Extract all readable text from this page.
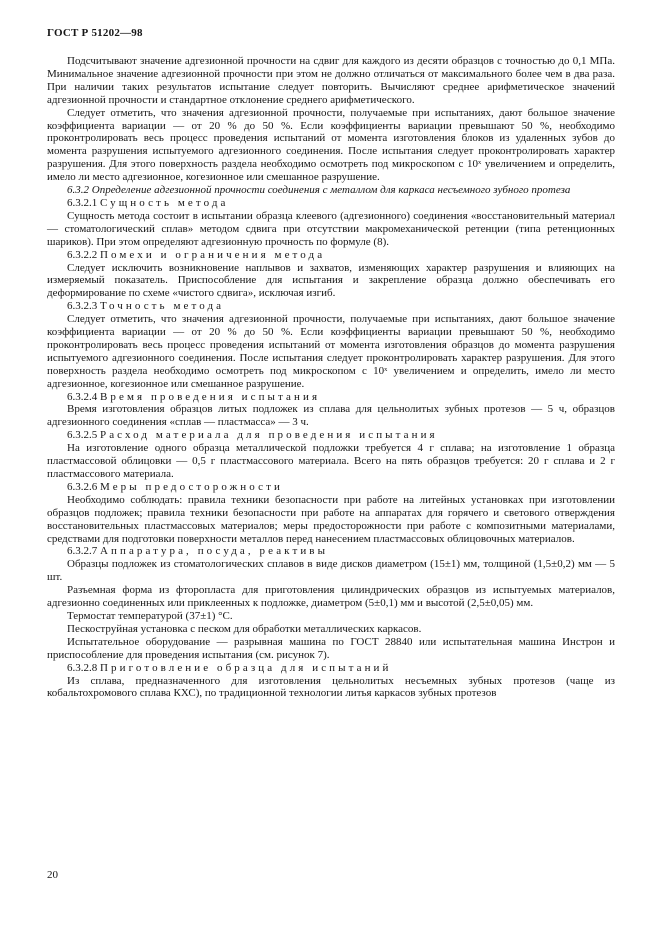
ГОСТ Р 51202—98

Подсчитывают значение адгезионной прочности на сдвиг для каждого из десяти образцов с точностью до 0,1 МПа. Минимальное значение адгезионной прочности при этом не должно отличаться от максимального более чем в два раза. При наличии таких результатов испытание следует повторить. Вычисляют среднее арифметическое значений адгезионной прочности и стандартное отклонение среднего арифметического.

Следует отметить, что значения адгезионной прочности, получаемые при испытаниях, дают большое значение коэффициента вариации — от 20 % до 50 %. Если коэффициенты вариации превышают 50 %, необходимо проконтролировать весь процесс проведения испытаний от момента изготовления блоков из удаленных зубов до момента разрушения испытуемого адгезионного соединения. После испытания следует проконтролировать характер разрушения. Для этого поверхность раздела необходимо осмотреть под микроскопом с 10ˣ увеличением и определить, имело ли место адгезионное, когезионное или смешанное разрушение.

6.3.2 Определение адгезионной прочности соединения с металлом для каркаса несъемного зубного протеза

6.3.2.1 Сущность метода

Сущность метода состоит в испытании образца клеевого (адгезионного) соединения «восстановительный материал — стоматологический сплав» методом сдвига при отсутствии макромеханической ретенции (типа ретенционных шариков). При этом определяют адгезионную прочность по формуле (8).

6.3.2.2 Помехи и ограничения метода

Следует исключить возникновение наплывов и захватов, изменяющих характер разрушения и влияющих на измеряемый показатель. Приспособление для испытания и закрепление образца должно обеспечивать его деформирование по схеме «чистого сдвига», исключая изгиб.

6.3.2.3 Точность метода

Следует отметить, что значения адгезионной прочности, получаемые при испытаниях, дают большое значение коэффициента вариации — от 20 % до 50 %. Если коэффициенты вариации превышают 50 %, необходимо проконтролировать весь процесс проведения испытаний от момента изготовления образцов до момента разрушения испытуемого адгезионного соединения. После испытания следует проконтролировать характер разрушения. Для этого поверхность раздела необходимо осмотреть под микроскопом с 10ˣ увеличением и определить, имело ли место адгезионное, когезионное или смешанное разрушение.

6.3.2.4 Время проведения испытания

Время изготовления образцов литых подложек из сплава для цельнолитых зубных протезов — 5 ч, образцов адгезионного соединения «сплав — пластмасса» — 3 ч.

6.3.2.5 Расход материала для проведения испытания

На изготовление одного образца металлической подложки требуется 4 г сплава; на изготовление 1 образца пластмассовой облицовки — 0,5 г пластмассового материала. Всего на пять образцов требуется: 20 г сплава и 2 г пластмассового материала.

6.3.2.6 Меры предосторожности

Необходимо соблюдать: правила техники безопасности при работе на литейных установках при изготовлении образцов подложек; правила техники безопасности при работе на аппаратах для горячего и светового отверждения восстановительных пластмассовых материалов; меры предосторожности при работе с композитными материалами, средствами для подготовки поверхности металлов перед нанесением пластмассовых облицовочных материалов.

6.3.2.7 Аппаратура, посуда, реактивы

Образцы подложек из стоматологических сплавов в виде дисков диаметром (15±1) мм, толщиной (1,5±0,2) мм — 5 шт.

Разъемная форма из фторопласта для приготовления цилиндрических образцов из испытуемых материалов, адгезионно соединенных или приклеенных к подложке, диаметром (5±0,1) мм и высотой (2,5±0,05) мм.

Термостат температурой (37±1) °С.

Пескоструйная установка с песком для обработки металлических каркасов.

Испытательное оборудование — разрывная машина по ГОСТ 28840 или испытательная машина Инстрон и приспособление для проведения испытания (см. рисунок 7).

6.3.2.8 Приготовление образца для испытаний

Из сплава, предназначенного для изготовления цельнолитых несъемных зубных протезов (чаще из кобальтохромового сплава КХС), по традиционной технологии литья каркасов зубных протезов

20
